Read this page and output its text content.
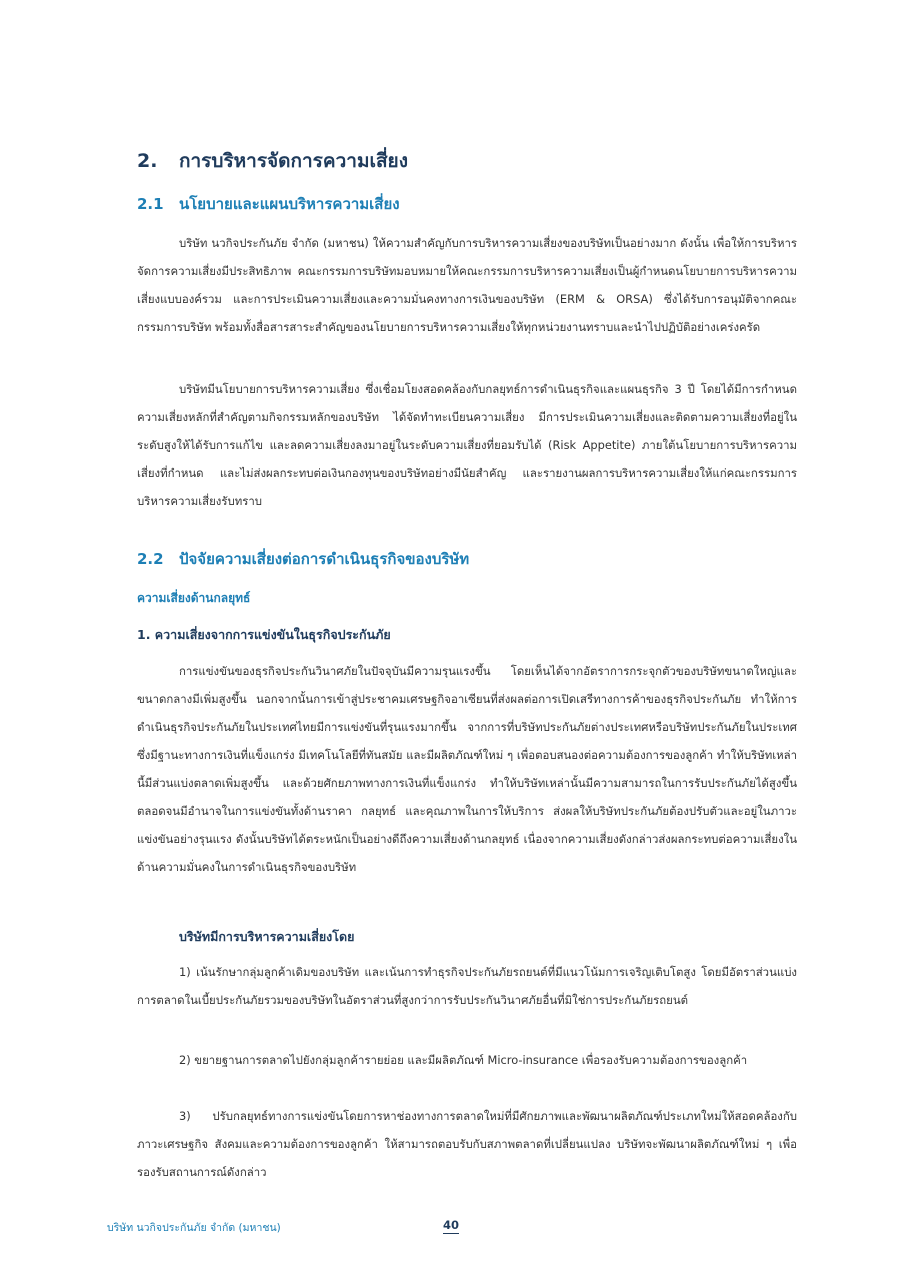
2. การบริหารจัดการความเสี่ยง
2.1 นโยบายและแผนบริหารความเสี่ยง

บริษัท นวกิจประกันภัย จำกัด (มหาชน) ให้ความสำคัญกับการบริหารความเสี่ยงของบริษัทเป็นอย่างมาก ดังนั้น เพื่อให้การบริหารจัดการความเสี่ยงมีประสิทธิภาพ คณะกรรมการบริษัทมอบหมายให้คณะกรรมการบริหารความเสี่ยงเป็นผู้กำหนดนโยบายการบริหารความเสี่ยงแบบองค์รวม และการประเมินความเสี่ยงและความมั่นคงทางการเงินของบริษัท (ERM & ORSA) ซึ่งได้รับการอนุมัติจากคณะกรรมการบริษัท พร้อมทั้งสื่อสารสาระสำคัญของนโยบายการบริหารความเสี่ยงให้ทุกหน่วยงานทราบและนำไปปฏิบัติอย่างเคร่งครัด

บริษัทมีนโยบายการบริหารความเสี่ยง ซึ่งเชื่อมโยงสอดคล้องกับกลยุทธ์การดำเนินธุรกิจและแผนธุรกิจ 3 ปี โดยได้มีการกำหนดความเสี่ยงหลักที่สำคัญตามกิจกรรมหลักของบริษัท ได้จัดทำทะเบียนความเสี่ยง มีการประเมินความเสี่ยงและติดตามความเสี่ยงที่อยู่ในระดับสูงให้ได้รับการแก้ไข และลดความเสี่ยงลงมาอยู่ในระดับความเสี่ยงที่ยอมรับได้ (Risk Appetite) ภายใต้นโยบายการบริหารความเสี่ยงที่กำหนด และไม่ส่งผลกระทบต่อเงินกองทุนของบริษัทอย่างมีนัยสำคัญ และรายงานผลการบริหารความเสี่ยงให้แก่คณะกรรมการบริหารความเสี่ยงรับทราบ

2.2 ปัจจัยความเสี่ยงต่อการดำเนินธุรกิจของบริษัท
ความเสี่ยงด้านกลยุทธ์
1. ความเสี่ยงจากการแข่งขันในธุรกิจประกันภัย

การแข่งขันของธุรกิจประกันวินาศภัยในปัจจุบันมีความรุนแรงขึ้น โดยเห็นได้จากอัตราการกระจุกตัวของบริษัทขนาดใหญ่และขนาดกลางมีเพิ่มสูงขึ้น นอกจากนั้นการเข้าสู่ประชาคมเศรษฐกิจอาเซียนที่ส่งผลต่อการเปิดเสรีทางการค้าของธุรกิจประกันภัย ทำให้การดำเนินธุรกิจประกันภัยในประเทศไทยมีการแข่งขันที่รุนแรงมากขึ้น จากการที่บริษัทประกันภัยต่างประเทศหรือบริษัทประกันภัยในประเทศซึ่งมีฐานะทางการเงินที่แข็งแกร่ง มีเทคโนโลยีที่ทันสมัย และมีผลิตภัณฑ์ใหม่ ๆ เพื่อตอบสนองต่อความต้องการของลูกค้า ทำให้บริษัทเหล่านี้มีส่วนแบ่งตลาดเพิ่มสูงขึ้น และด้วยศักยภาพทางการเงินที่แข็งแกร่ง ทำให้บริษัทเหล่านั้นมีความสามารถในการรับประกันภัยได้สูงขึ้น ตลอดจนมีอำนาจในการแข่งขันทั้งด้านราคา กลยุทธ์ และคุณภาพในการให้บริการ ส่งผลให้บริษัทประกันภัยต้องปรับตัวและอยู่ในภาวะแข่งขันอย่างรุนแรง ดังนั้นบริษัทได้ตระหนักเป็นอย่างดีถึงความเสี่ยงด้านกลยุทธ์ เนื่องจากความเสี่ยงดังกล่าวส่งผลกระทบต่อความเสี่ยงในด้านความมั่นคงในการดำเนินธุรกิจของบริษัท

บริษัทมีการบริหารความเสี่ยงโดย

1) เน้นรักษากลุ่มลูกค้าเดิมของบริษัท และเน้นการทำธุรกิจประกันภัยรถยนต์ที่มีแนวโน้มการเจริญเติบโตสูง โดยมีอัตราส่วนแบ่งการตลาดในเบี้ยประกันภัยรวมของบริษัทในอัตราส่วนที่สูงกว่าการรับประกันวินาศภัยอื่นที่มิใช่การประกันภัยรถยนต์

2) ขยายฐานการตลาดไปยังกลุ่มลูกค้ารายย่อย และมีผลิตภัณฑ์ Micro-insurance เพื่อรองรับความต้องการของลูกค้า

3) ปรับกลยุทธ์ทางการแข่งขันโดยการหาช่องทางการตลาดใหม่ที่มีศักยภาพและพัฒนาผลิตภัณฑ์ประเภทใหม่ให้สอดคล้องกับภาวะเศรษฐกิจ สังคมและความต้องการของลูกค้า ให้สามารถตอบรับกับสภาพตลาดที่เปลี่ยนแปลง บริษัทจะพัฒนาผลิตภัณฑ์ใหม่ ๆ เพื่อรองรับสถานการณ์ดังกล่าว

บริษัท นวกิจประกันภัย จำกัด (มหาชน)	40
